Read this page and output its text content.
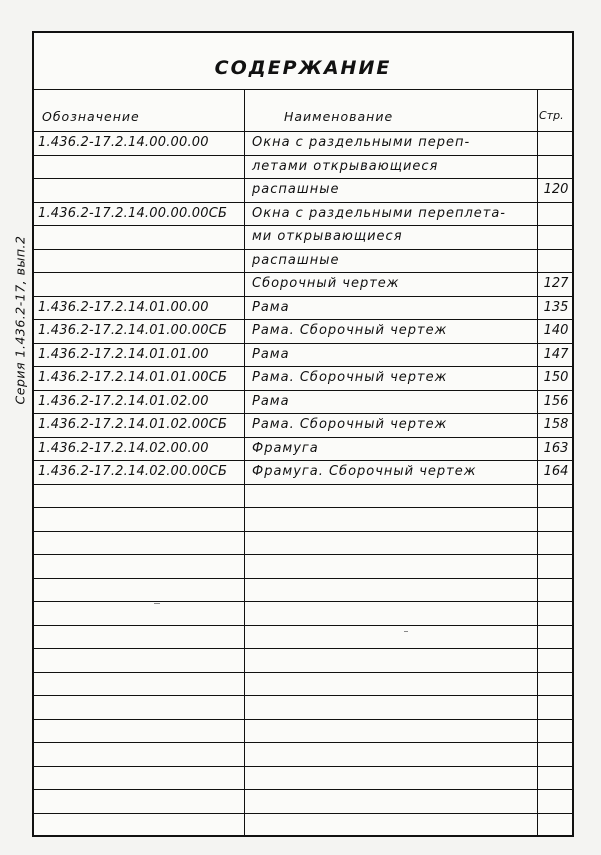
Серия 1.436.2-17, вып.2
СОДЕРЖАНИЕ
Обозначение	Наименование	Стр.
1.436.2-17.2.14.00.00.00	Окна с раздельными переп-
летами открывающиеся
распашные	120
1.436.2-17.2.14.00.00.00СБ Окна с раздельными переплета-
ми открывающиеся
распашные
Сборочный чертеж	127
1.436.2-17.2.14.01.00.00	Рама	135
1.436.2-17.2.14.01.00.00СБ Рама. Сборочный чертеж	140
1.436.2-17.2.14.01.01.00	Рама	147
1.436.2-17.2.14.01.01.00СБ Рама. Сборочный чертеж	150
1.436.2-17.2.14.01.02.00	Рама	156
1.436.2-17.2.14.01.02.00СБ Рама. Сборочный чертеж	158
1.436.2-17.2.14.02.00.00	Фрамуга	163
1.436.2-17.2.14.02.00.00СБ Фрамуга. Сборочный чертеж	164
